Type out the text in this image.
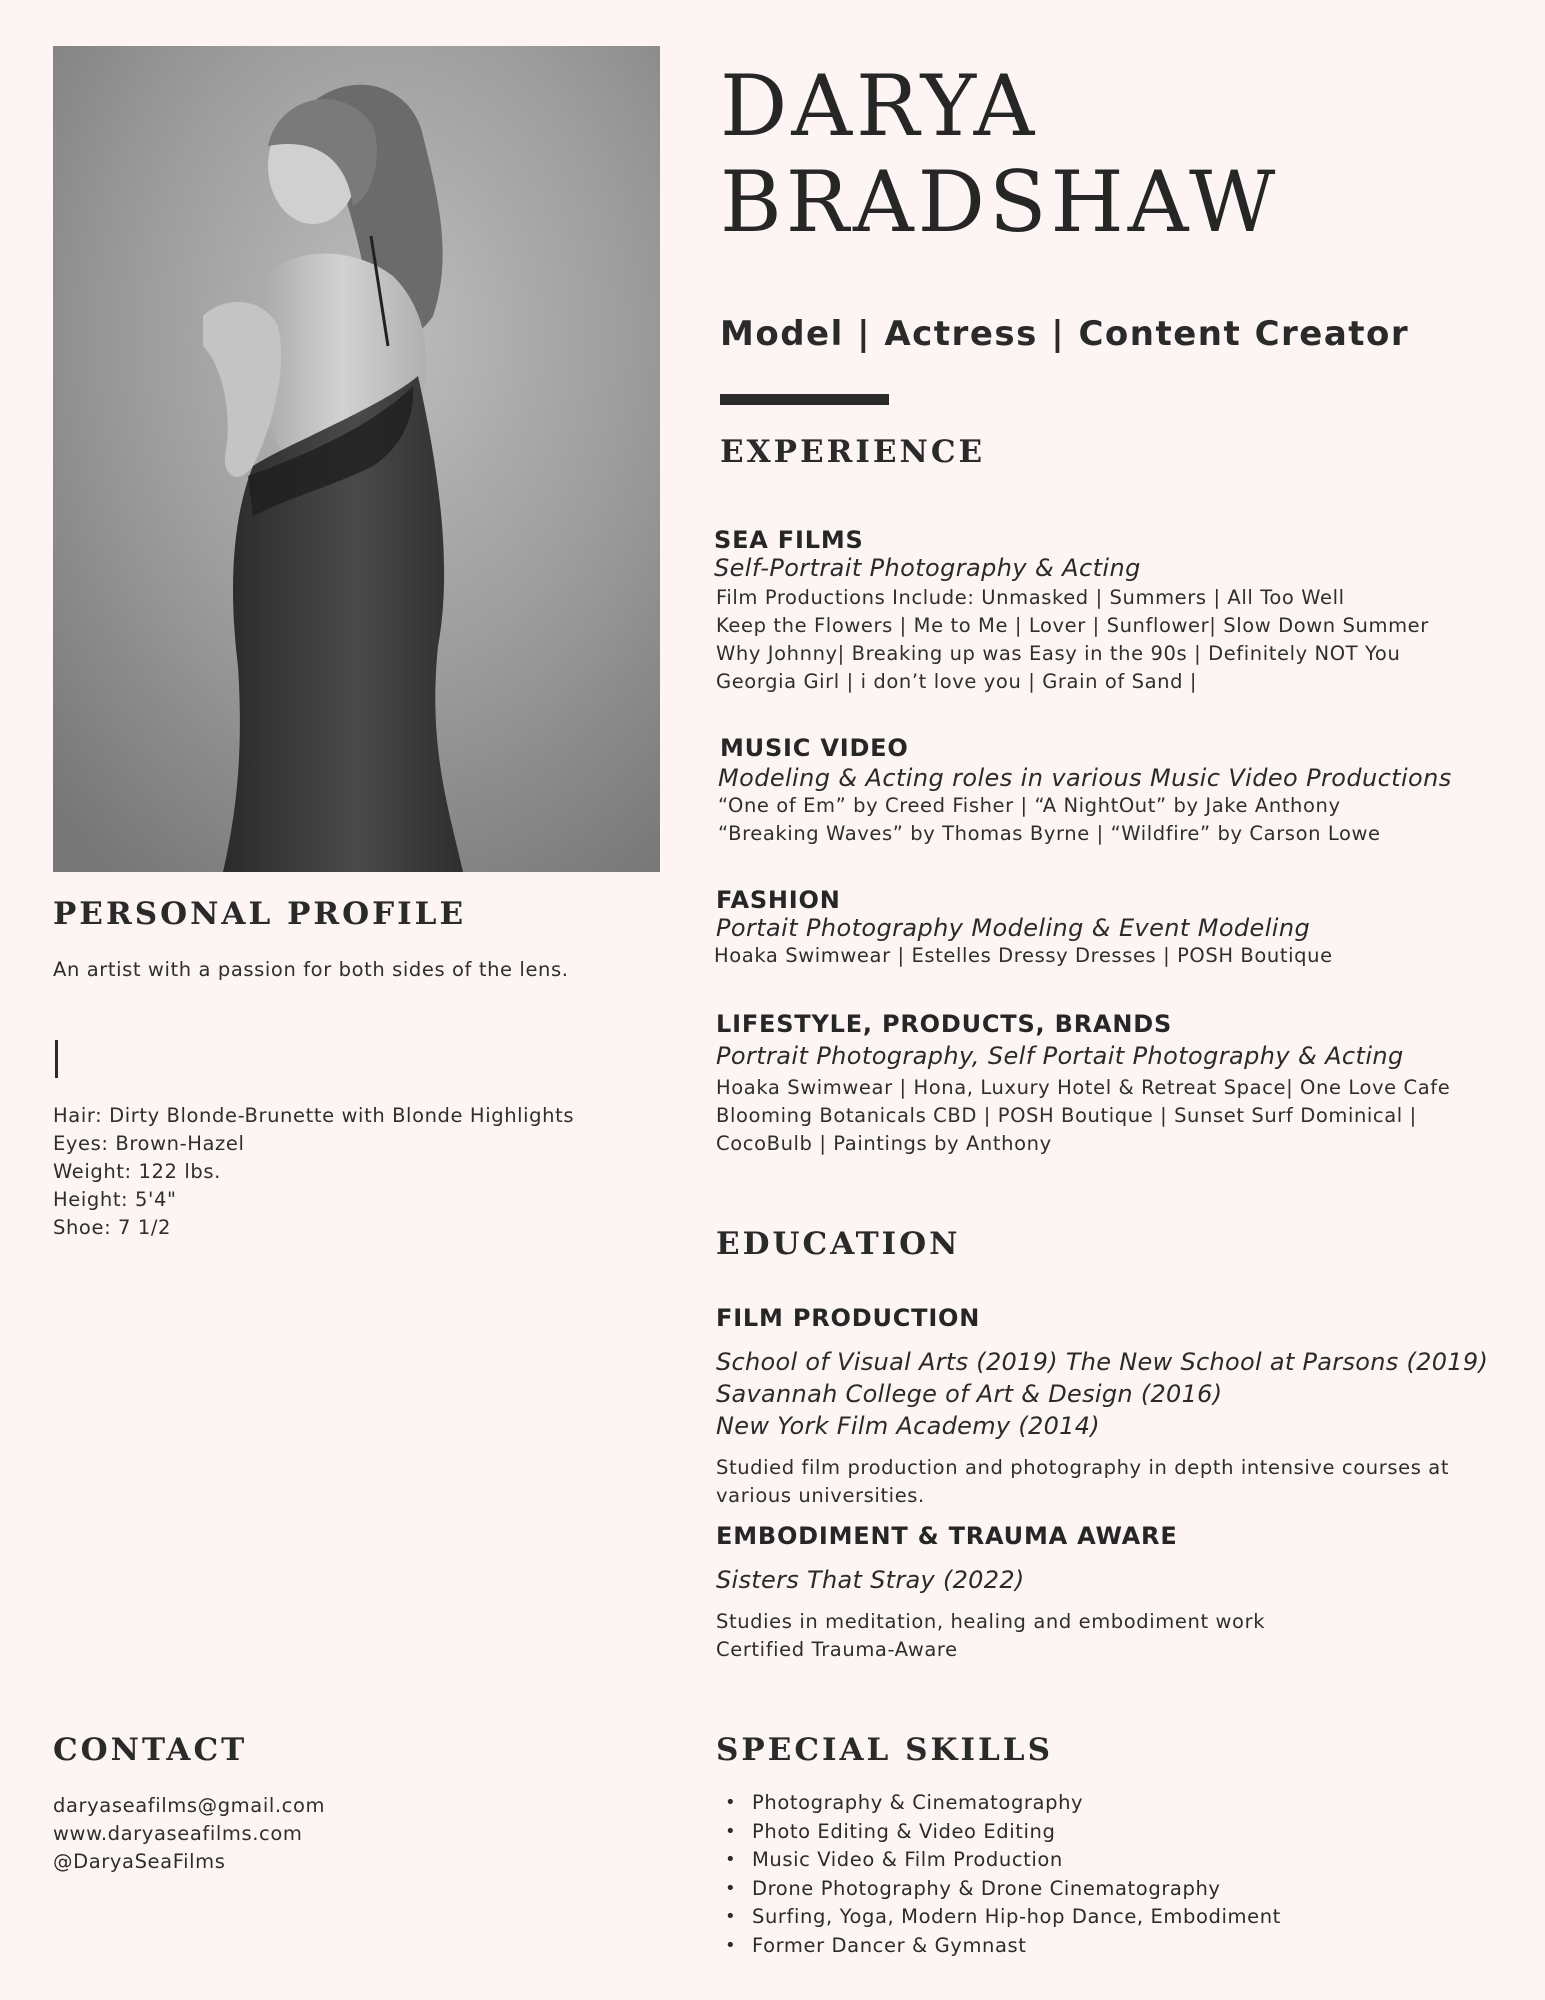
DARYA
BRADSHAW
Model | Actress | Content Creator
PERSONAL PROFILE
An artist with a passion for both sides of the lens.
Hair: Dirty Blonde-Brunette with Blonde Highlights
Eyes: Brown-Hazel
Weight: 122 lbs.
Height: 5'4"
Shoe: 7 1/2
CONTACT
daryaseafilms@gmail.com
www.daryaseafilms.com
@DaryaSeaFilms
EXPERIENCE
SEA FILMS
Self-Portrait Photography & Acting
Film Productions Include: Unmasked | Summers | All Too Well
Keep the Flowers | Me to Me | Lover | Sunflower| Slow Down Summer
Why Johnny| Breaking up was Easy in the 90s | Definitely NOT You
Georgia Girl | i don’t love you | Grain of Sand |
MUSIC VIDEO
Modeling & Acting roles in various Music Video Productions
“One of Em” by Creed Fisher | “A NightOut” by Jake Anthony
“Breaking Waves” by Thomas Byrne | “Wildfire” by Carson Lowe
FASHION
Portait Photography Modeling & Event Modeling
Hoaka Swimwear | Estelles Dressy Dresses | POSH Boutique
LIFESTYLE, PRODUCTS, BRANDS
Portrait Photography, Self Portait Photography & Acting
Hoaka Swimwear | Hona, Luxury Hotel & Retreat Space| One Love Cafe
Blooming Botanicals CBD | POSH Boutique | Sunset Surf Dominical |
CocoBulb | Paintings by Anthony
EDUCATION
FILM PRODUCTION
School of Visual Arts (2019) The New School at Parsons (2019)
Savannah College of Art & Design (2016)
New York Film Academy (2014)
Studied film production and photography in depth intensive courses at
various universities.
EMBODIMENT & TRAUMA AWARE
Sisters That Stray (2022)
Studies in meditation, healing and embodiment work
Certified Trauma-Aware
SPECIAL SKILLS
• Photography & Cinematography
• Photo Editing & Video Editing
• Music Video & Film Production
• Drone Photography & Drone Cinematography
• Surfing, Yoga, Modern Hip-hop Dance, Embodiment
• Former Dancer & Gymnast
